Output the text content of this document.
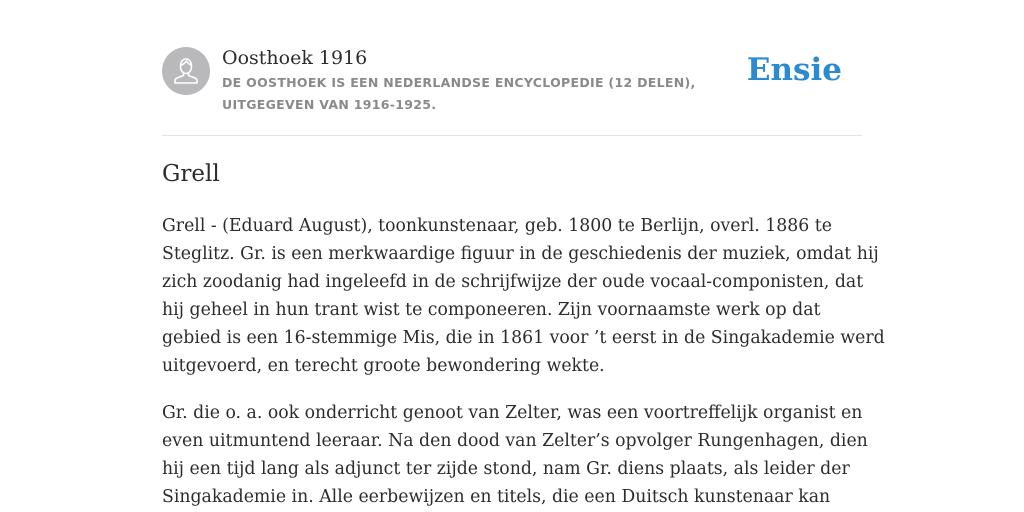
Oosthoek 1916
DE OOSTHOEK IS EEN NEDERLANDSE ENCYCLOPEDIE (12 DELEN), UITGEGEVEN VAN 1916-1925.
Ensie
Grell

Grell - (Eduard August), toonkunstenaar, geb. 1800 te Berlijn, overl. 1886 te
Steglitz. Gr. is een merkwaardige figuur in de geschiedenis der muziek, omdat hij
zich zoodanig had ingeleefd in de schrijfwijze der oude vocaal-componisten, dat
hij geheel in hun trant wist te componeeren. Zijn voornaamste werk op dat
gebied is een 16-stemmige Mis, die in 1861 voor ’t eerst in de Singakademie werd
uitgevoerd, en terecht groote bewondering wekte.

Gr. die o. a. ook onderricht genoot van Zelter, was een voortreffelijk organist en
even uitmuntend leeraar. Na den dood van Zelter’s opvolger Rungenhagen, dien
hij een tijd lang als adjunct ter zijde stond, nam Gr. diens plaats, als leider der
Singakademie in. Alle eerbewijzen en titels, die een Duitsch kunstenaar kan
